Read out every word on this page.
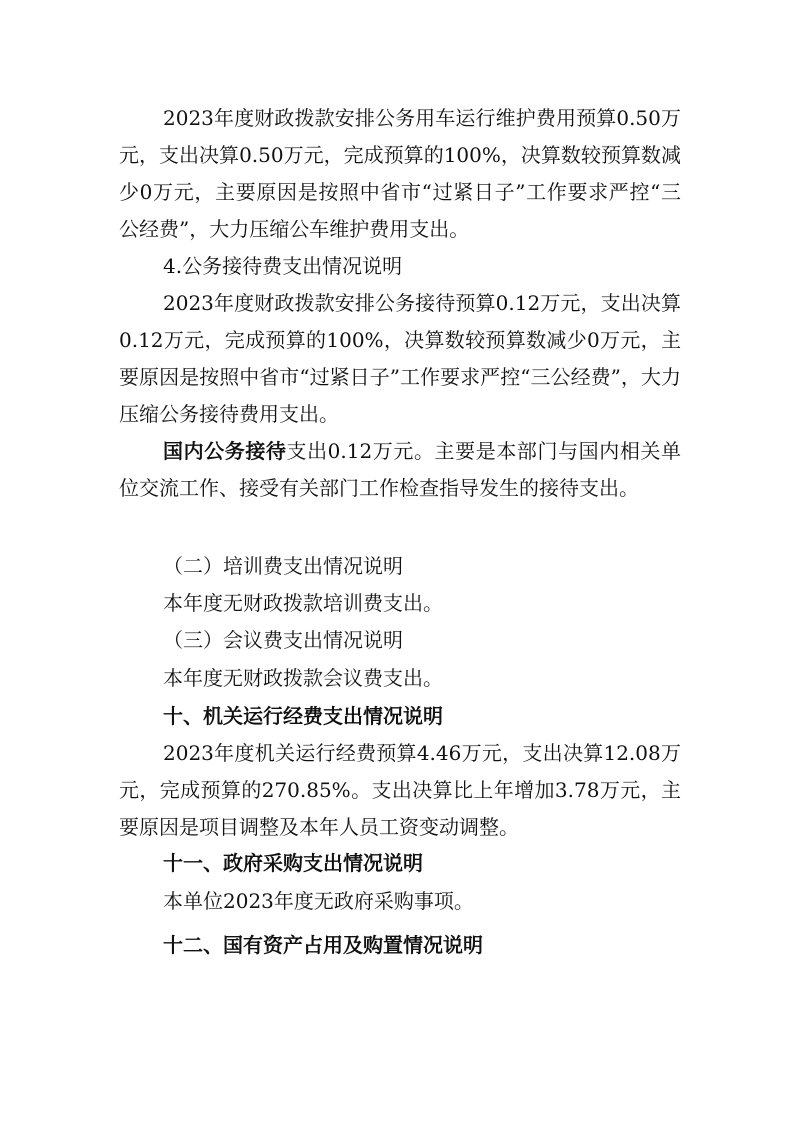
2023年度财政拨款安排公务用车运行维护费用预算0.50万元，支出决算0.50万元，完成预算的100%，决算数较预算数减少0万元，主要原因是按照中省市“过紧日子”工作要求严控“三公经费”，大力压缩公车维护费用支出。

4.公务接待费支出情况说明

2023年度财政拨款安排公务接待预算0.12万元，支出决算0.12万元，完成预算的100%，决算数较预算数减少0万元，主要原因是按照中省市“过紧日子”工作要求严控“三公经费”，大力压缩公务接待费用支出。

国内公务接待支出0.12万元。主要是本部门与国内相关单位交流工作、接受有关部门工作检查指导发生的接待支出。

（二）培训费支出情况说明

本年度无财政拨款培训费支出。

（三）会议费支出情况说明

本年度无财政拨款会议费支出。

十、机关运行经费支出情况说明

2023年度机关运行经费预算4.46万元，支出决算12.08万元，完成预算的270.85%。支出决算比上年增加3.78万元，主要原因是项目调整及本年人员工资变动调整。

十一、政府采购支出情况说明

本单位2023年度无政府采购事项。

十二、国有资产占用及购置情况说明
